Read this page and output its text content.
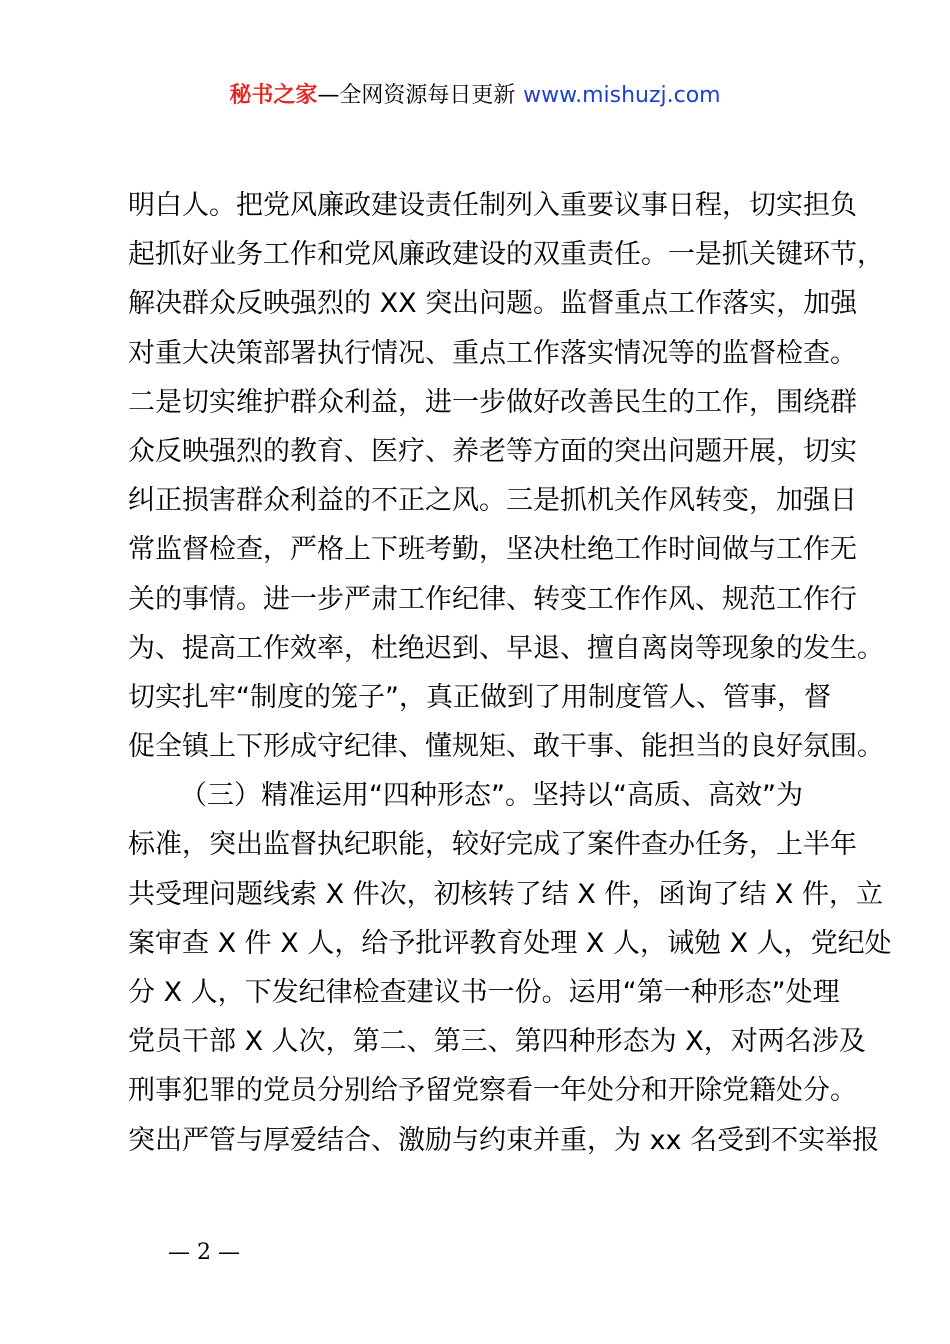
秘书之家—全网资源每日更新 www.mishuzj.com
明白人。把党风廉政建设责任制列入重要议事日程，切实担负
起抓好业务工作和党风廉政建设的双重责任。一是抓关键环节，
解决群众反映强烈的 XX 突出问题。监督重点工作落实，加强
对重大决策部署执行情况、重点工作落实情况等的监督检查。
二是切实维护群众利益，进一步做好改善民生的工作，围绕群
众反映强烈的教育、医疗、养老等方面的突出问题开展，切实
纠正损害群众利益的不正之风。三是抓机关作风转变，加强日
常监督检查，严格上下班考勤，坚决杜绝工作时间做与工作无
关的事情。进一步严肃工作纪律、转变工作作风、规范工作行
为、提高工作效率，杜绝迟到、早退、擅自离岗等现象的发生。
切实扎牢“制度的笼子”，真正做到了用制度管人、管事，督
促全镇上下形成守纪律、懂规矩、敢干事、能担当的良好氛围。
（三）精准运用“四种形态”。坚持以“高质、高效”为
标准，突出监督执纪职能，较好完成了案件查办任务，上半年
共受理问题线索 X 件次，初核转了结 X 件，函询了结 X 件，立
案审查 X 件 X 人，给予批评教育处理 X 人，诫勉 X 人，党纪处
分 X 人，下发纪律检查建议书一份。运用“第一种形态”处理
党员干部 X 人次，第二、第三、第四种形态为 X，对两名涉及
刑事犯罪的党员分别给予留党察看一年处分和开除党籍处分。
突出严管与厚爱结合、激励与约束并重，为 xx 名受到不实举报
— 2 —
